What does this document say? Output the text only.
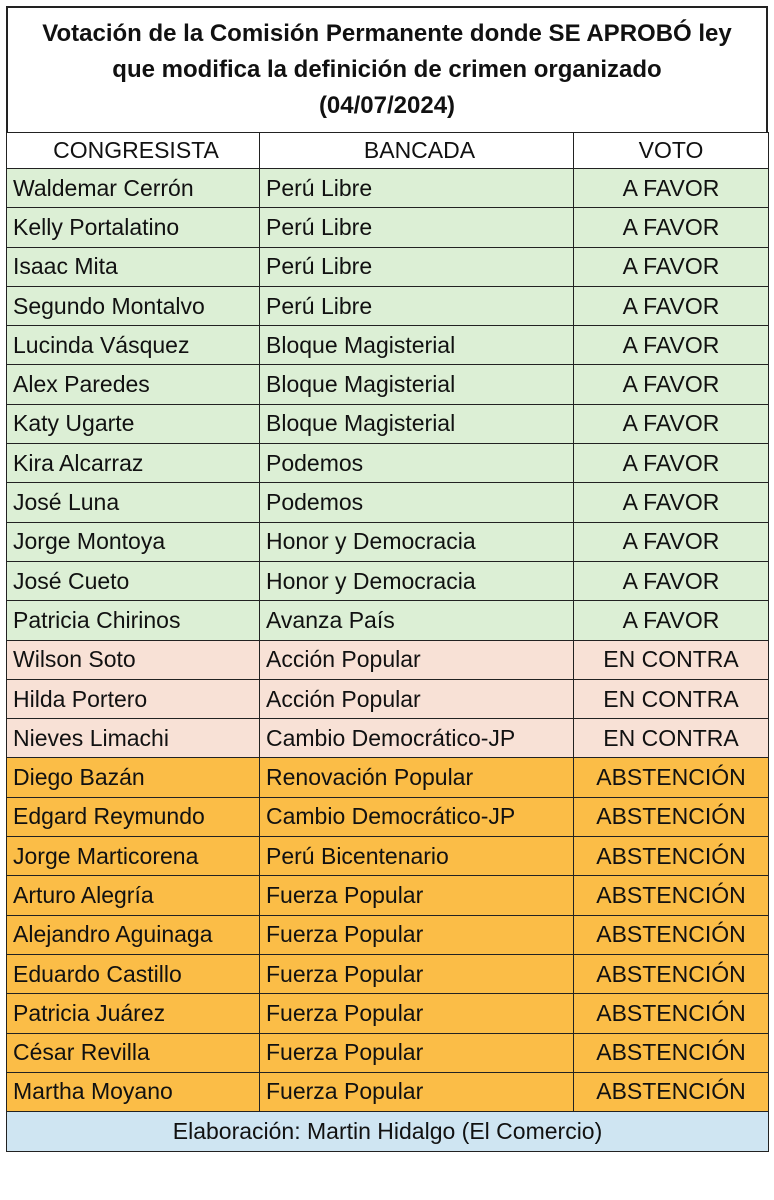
Votación de la Comisión Permanente donde SE APROBÓ ley
que modifica la definición de crimen organizado
(04/07/2024)
CONGRESISTA	BANCADA	VOTO
Waldemar Cerrón	Perú Libre	A FAVOR
Kelly Portalatino	Perú Libre	A FAVOR
Isaac Mita	Perú Libre	A FAVOR
Segundo Montalvo	Perú Libre	A FAVOR
Lucinda Vásquez	Bloque Magisterial	A FAVOR
Alex Paredes	Bloque Magisterial	A FAVOR
Katy Ugarte	Bloque Magisterial	A FAVOR
Kira Alcarraz	Podemos	A FAVOR
José Luna	Podemos	A FAVOR
Jorge Montoya	Honor y Democracia	A FAVOR
José Cueto	Honor y Democracia	A FAVOR
Patricia Chirinos	Avanza País	A FAVOR
Wilson Soto	Acción Popular	EN CONTRA
Hilda Portero	Acción Popular	EN CONTRA
Nieves Limachi	Cambio Democrático-JP	EN CONTRA
Diego Bazán	Renovación Popular	ABSTENCIÓN
Edgard Reymundo	Cambio Democrático-JP	ABSTENCIÓN
Jorge Marticorena	Perú Bicentenario	ABSTENCIÓN
Arturo Alegría	Fuerza Popular	ABSTENCIÓN
Alejandro Aguinaga	Fuerza Popular	ABSTENCIÓN
Eduardo Castillo	Fuerza Popular	ABSTENCIÓN
Patricia Juárez	Fuerza Popular	ABSTENCIÓN
César Revilla	Fuerza Popular	ABSTENCIÓN
Martha Moyano	Fuerza Popular	ABSTENCIÓN
Elaboración: Martin Hidalgo (El Comercio)		
